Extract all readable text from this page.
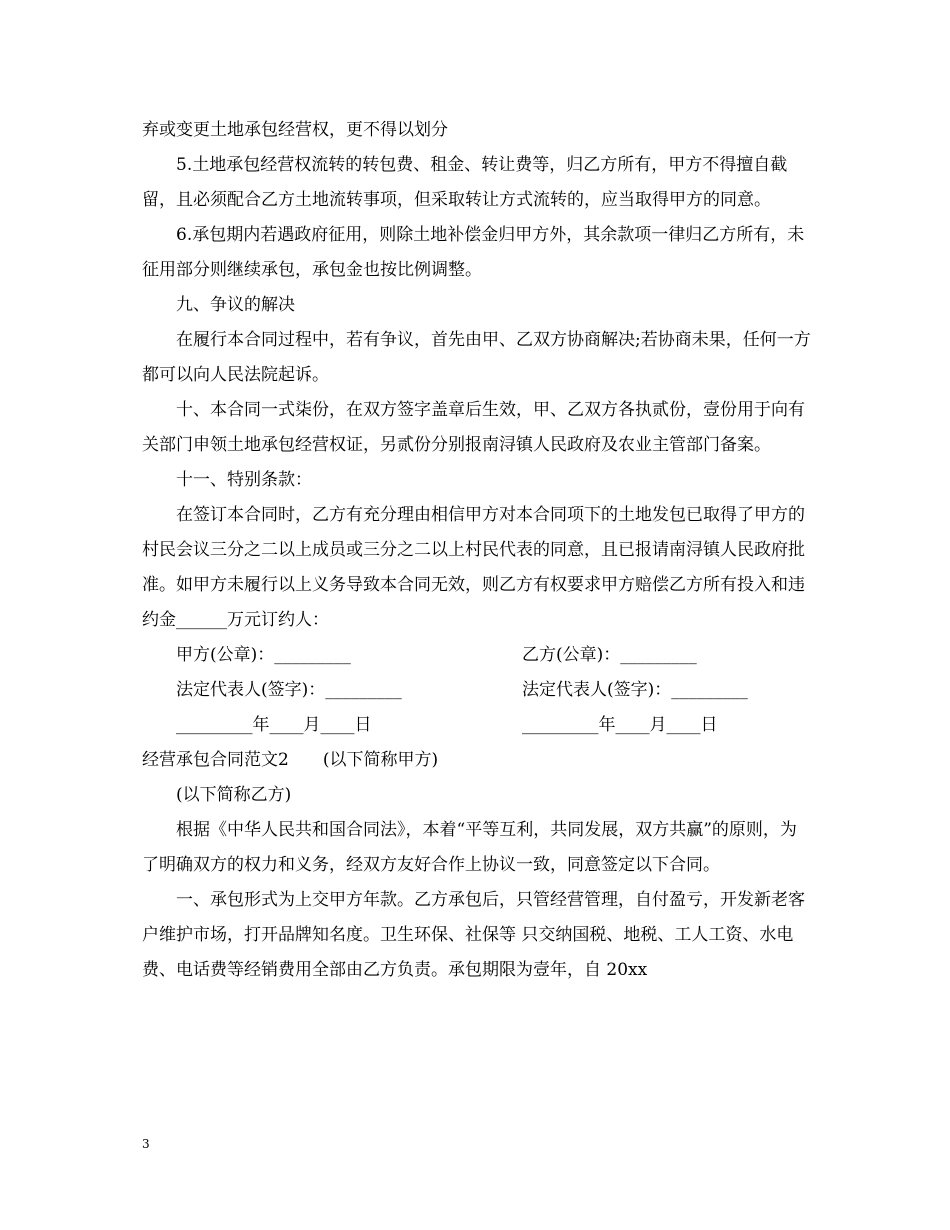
弃或变更土地承包经营权，更不得以划分

5.土地承包经营权流转的转包费、租金、转让费等，归乙方所有，甲方不得擅自截留，且必须配合乙方土地流转事项，但采取转让方式流转的，应当取得甲方的同意。

6.承包期内若遇政府征用，则除土地补偿金归甲方外，其余款项一律归乙方所有，未征用部分则继续承包，承包金也按比例调整。

九、争议的解决

在履行本合同过程中，若有争议，首先由甲、乙双方协商解决;若协商未果，任何一方都可以向人民法院起诉。

十、本合同一式柒份，在双方签字盖章后生效，甲、乙双方各执贰份，壹份用于向有关部门申领土地承包经营权证，另贰份分别报南浔镇人民政府及农业主管部门备案。

十一、特别条款：

在签订本合同时，乙方有充分理由相信甲方对本合同项下的土地发包已取得了甲方的村民会议三分之二以上成员或三分之二以上村民代表的同意，且已报请南浔镇人民政府批准。如甲方未履行以上义务导致本合同无效，则乙方有权要求甲方赔偿乙方所有投入和违约金______万元订约人：

甲方(公章)：_________	乙方(公章)：_________
法定代表人(签字)：_________	法定代表人(签字)：_________
_________年____月____日	_________年____月____日

经营承包合同范文2　　(以下简称甲方)

(以下简称乙方)

根据《中华人民共和国合同法》，本着“平等互利，共同发展，双方共赢”的原则，为了明确双方的权力和义务，经双方友好合作上协议一致，同意签定以下合同。

一、承包形式为上交甲方年款。乙方承包后，只管经营管理，自付盈亏，开发新老客户维护市场，打开品牌知名度。卫生环保、社保等 只交纳国税、地税、工人工资、水电费、电话费等经销费用全部由乙方负责。承包期限为壹年，自 20xx

3
